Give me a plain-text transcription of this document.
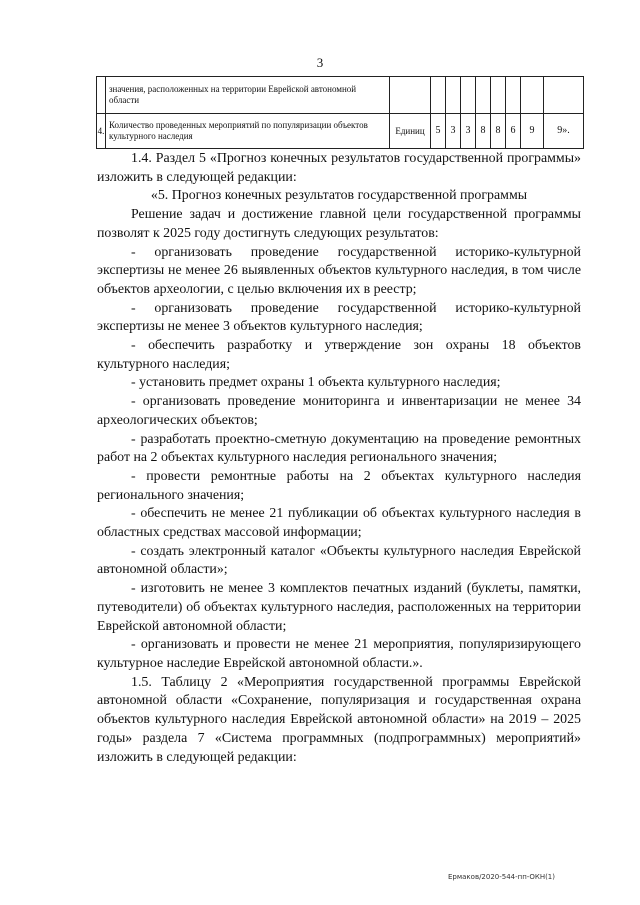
3
	значения, расположенных на территории Еврейской автономной области									
4.	Количество проведенных мероприятий по популяризации объектов культурного наследия	Единиц	5	3	3	8	8	6	9	9».

1.4. Раздел 5 «Прогноз конечных результатов государственной программы» изложить в следующей редакции:

«5. Прогноз конечных результатов государственной программы

Решение задач и достижение главной цели государственной программы позволят к 2025 году достигнуть следующих результатов:

- организовать проведение государственной историко-культурной экспертизы не менее 26 выявленных объектов культурного наследия, в том числе объектов археологии, с целью включения их в реестр;

- организовать проведение государственной историко-культурной экспертизы не менее 3 объектов культурного наследия;

- обеспечить разработку и утверждение зон охраны 18 объектов культурного наследия;

- установить предмет охраны 1 объекта культурного наследия;

- организовать проведение мониторинга и инвентаризации не менее 34 археологических объектов;

- разработать проектно-сметную документацию на проведение ремонтных работ на 2 объектах культурного наследия регионального значения;

- провести ремонтные работы на 2 объектах культурного наследия регионального значения;

- обеспечить не менее 21 публикации об объектах культурного наследия в областных средствах массовой информации;

- создать электронный каталог «Объекты культурного наследия Еврейской автономной области»;

- изготовить не менее 3 комплектов печатных изданий (буклеты, памятки, путеводители) об объектах культурного наследия, расположенных на территории Еврейской автономной области;

- организовать и провести не менее 21 мероприятия, популяризирующего культурное наследие Еврейской автономной области.».

1.5. Таблицу 2 «Мероприятия государственной программы Еврейской автономной области «Сохранение, популяризация и государственная охрана объектов культурного наследия Еврейской автономной области» на 2019 – 2025 годы» раздела 7 «Система программных (подпрограммных) мероприятий» изложить в следующей редакции:

Ермаков/2020-544-пп-ОКН(1)
